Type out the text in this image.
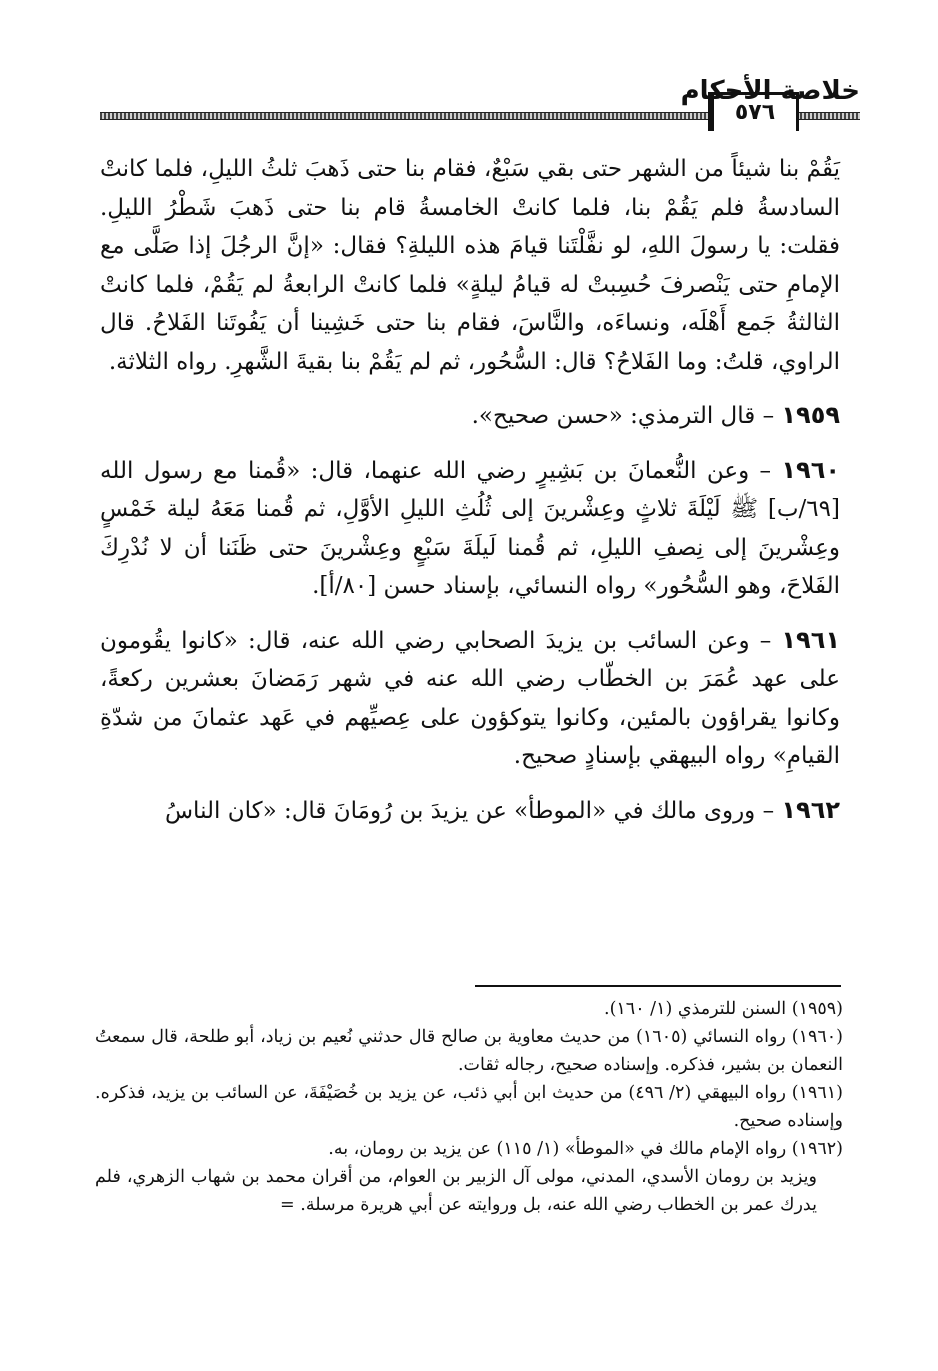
٥٧٦
خلاصة الأحكام

يَقُمْ بنا شيئاً من الشهر حتى بقي سَبْعٌ، فقام بنا حتى ذَهبَ ثلثُ الليلِ، فلما كانتْ السادسةُ فلم يَقُمْ بنا، فلما كانتْ الخامسةُ قام بنا حتى ذَهبَ شَطْرُ الليلِ. فقلت: يا رسولَ اللهِ، لو نفَّلْتَنا قيامَ هذه الليلةِ؟ فقال: «إنَّ الرجُلَ إذا صَلَّى مع الإمامِ حتى يَنْصرفَ حُسِبتْ له قيامُ ليلةٍ» فلما كانتْ الرابعةُ لم يَقُمْ، فلما كانتْ الثالثةُ جَمع أَهْلَه، ونساءَه، والنَّاسَ، فقام بنا حتى خَشِينا أن يَفُوتَنا الفَلاحُ. قال الراوي، قلتُ: وما الفَلاحُ؟ قال: السُّحُور، ثم لم يَقُمْ بنا بقيةَ الشَّهرِ. رواه الثلاثة.

١٩٥٩ – قال الترمذي: «حسن صحيح».

١٩٦٠ – وعن النُّعمانَ بن بَشِيرٍ رضي الله عنهما، قال: «قُمنا مع رسول الله [٦٩/ب] ﷺ لَيْلَةَ ثلاثٍ وعِشْرينَ إلى ثُلُثِ الليلِ الأوَّلِ، ثم قُمنا مَعَهُ ليلة خَمْسٍ وعِشْرينَ إلى نِصفِ الليلِ، ثم قُمنا لَيلَةَ سَبْعٍ وعِشْرينَ حتى ظَنَنا أن لا نُدْرِكَ الفَلاحَ، وهو السُّحُور» رواه النسائي، بإسناد حسن [٨٠/أ].

١٩٦١ – وعن السائب بن يزيدَ الصحابي رضي الله عنه، قال: «كانوا يقُومون على عهد عُمَرَ بن الخطّاب رضي الله عنه في شهر رَمَضانَ بعشرين ركعةً، وكانوا يقراؤون بالمئين، وكانوا يتوكؤون على عِصيِّهم في عَهد عثمانَ من شدّةِ القيامِ» رواه البيهقي بإسنادٍ صحيح.

١٩٦٢ – وروى مالك في «الموطأ» عن يزيدَ بن رُومَانَ قال: «كان الناسُ

(١٩٥٩) السنن للترمذي (١/ ١٦٠).

(١٩٦٠) رواه النسائي (١٦٠٥) من حديث معاوية بن صالح قال حدثني نُعيم بن زياد، أبو طلحة، قال سمعتُ النعمان بن بشير، فذكره. وإسناده صحيح، رجاله ثقات.

(١٩٦١) رواه البيهقي (٢/ ٤٩٦) من حديث ابن أبي ذئب، عن يزيد بن خُصَيْفَةَ، عن السائب بن يزيد، فذكره. وإسناده صحيح.

(١٩٦٢) رواه الإمام مالك في «الموطأ» (١/ ١١٥) عن يزيد بن رومان، به.

ويزيد بن رومان الأسدي، المدني، مولى آل الزبير بن العوام، من أقران محمد بن شهاب الزهري، فلم يدرك عمر بن الخطاب رضي الله عنه، بل وروايته عن أبي هريرة مرسلة. =
